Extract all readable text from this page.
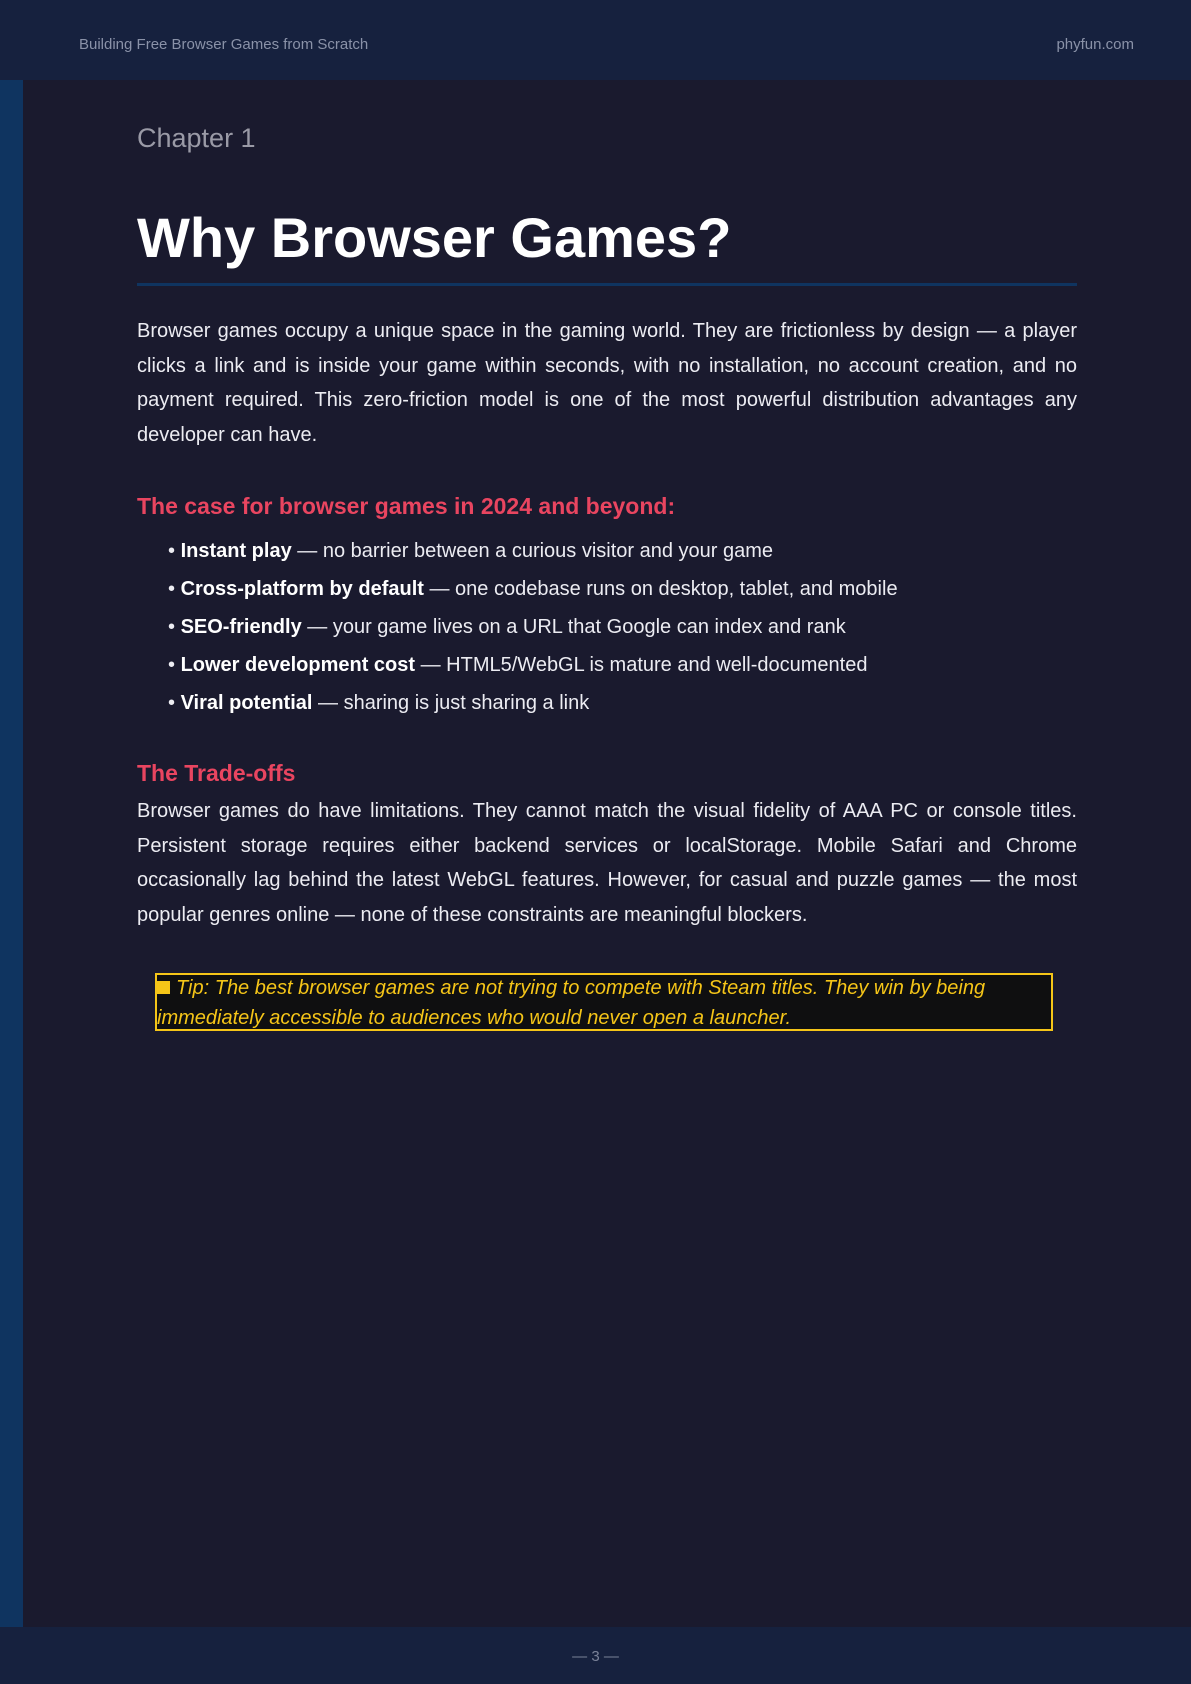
Building Free Browser Games from Scratch	phyfun.com

Chapter 1

Why Browser Games?

Browser games occupy a unique space in the gaming world. They are frictionless by design — a player clicks a link and is inside your game within seconds, with no installation, no account creation, and no payment required. This zero-friction model is one of the most powerful distribution advantages any developer can have.

The case for browser games in 2024 and beyond:
• Instant play — no barrier between a curious visitor and your game
• Cross-platform by default — one codebase runs on desktop, tablet, and mobile
• SEO-friendly — your game lives on a URL that Google can index and rank
• Lower development cost — HTML5/WebGL is mature and well-documented
• Viral potential — sharing is just sharing a link
The Trade-offs

Browser games do have limitations. They cannot match the visual fidelity of AAA PC or console titles. Persistent storage requires either backend services or localStorage. Mobile Safari and Chrome occasionally lag behind the latest WebGL features. However, for casual and puzzle games — the most popular genres online — none of these constraints are meaningful blockers.

Tip: The best browser games are not trying to compete with Steam titles. They win by being immediately accessible to audiences who would never open a launcher.

— 3 —
